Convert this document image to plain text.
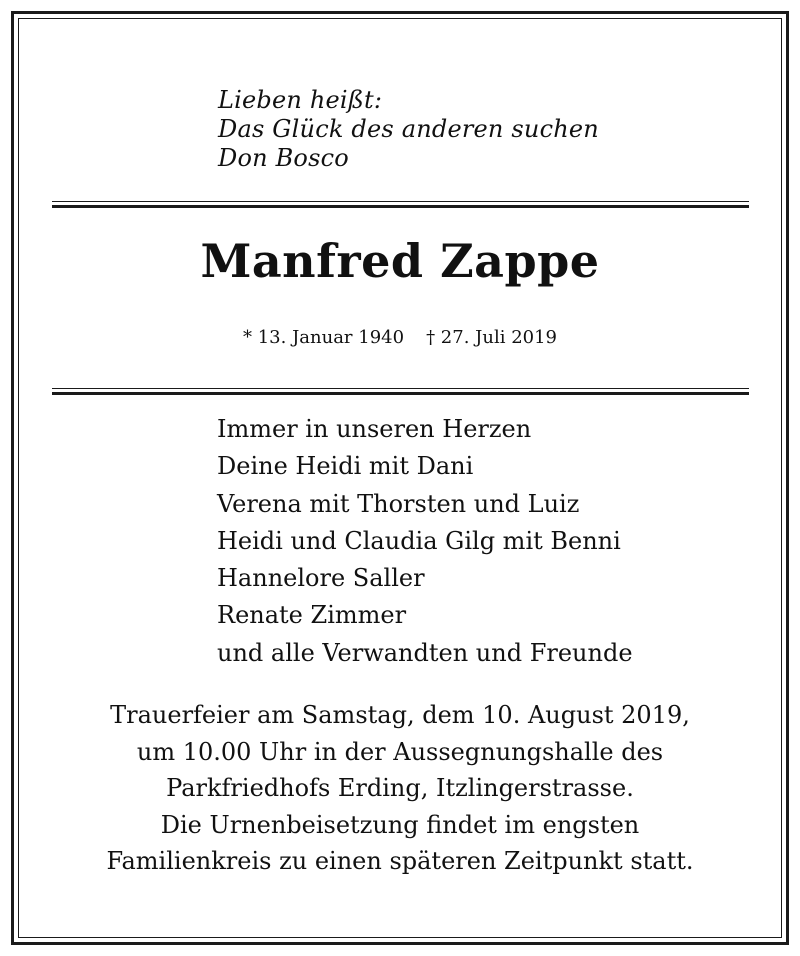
Lieben heißt:
Das Glück des anderen suchen
Don Bosco
Manfred Zappe
* 13. Januar 1940 † 27. Juli 2019
Immer in unseren Herzen
Deine Heidi mit Dani
Verena mit Thorsten und Luiz
Heidi und Claudia Gilg mit Benni
Hannelore Saller
Renate Zimmer
und alle Verwandten und Freunde
Trauerfeier am Samstag, dem 10. August 2019,
um 10.00 Uhr in der Aussegnungshalle des
Parkfriedhofs Erding, Itzlingerstrasse.
Die Urnenbeisetzung findet im engsten
Familienkreis zu einen späteren Zeitpunkt statt.
